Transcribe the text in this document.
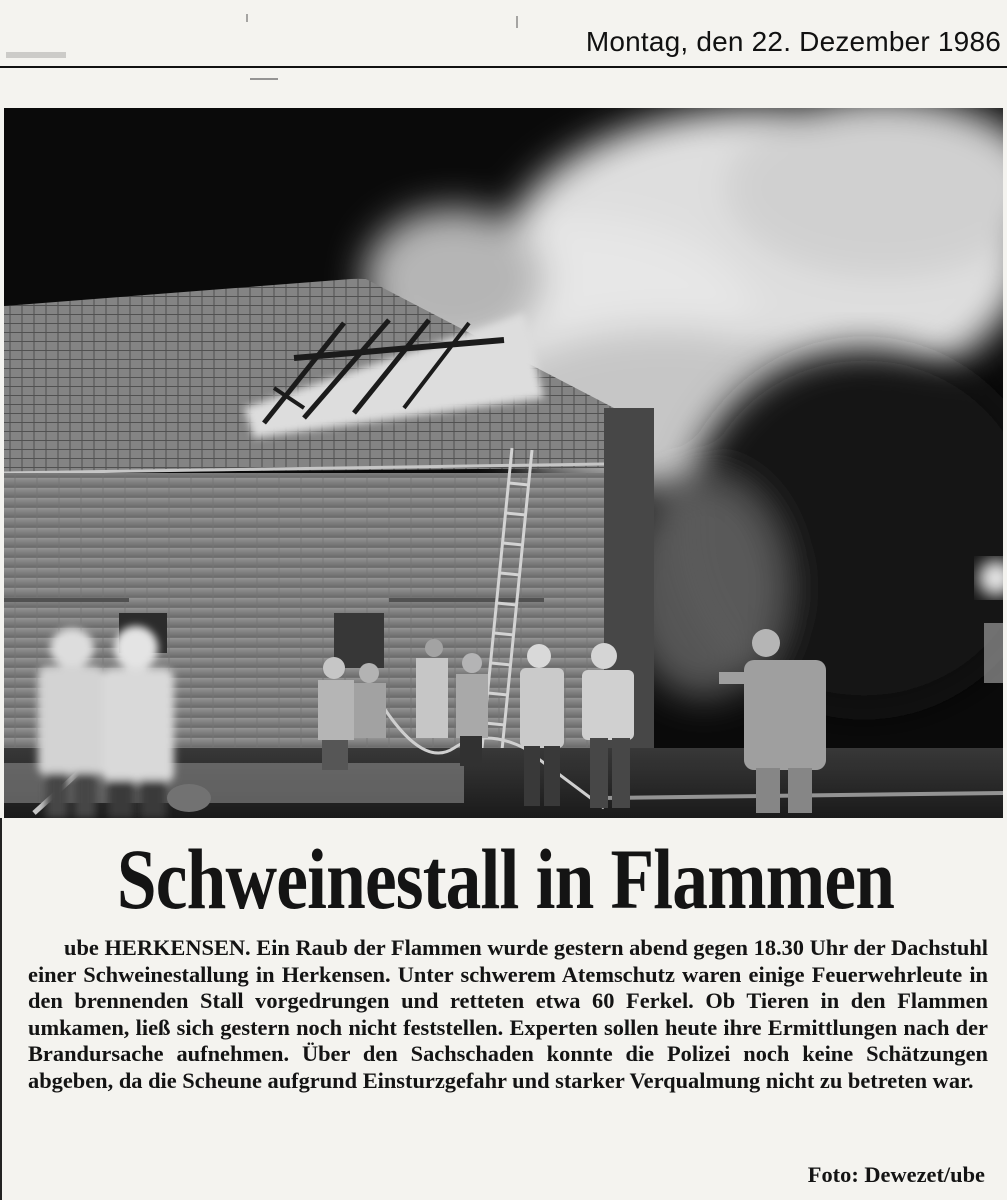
Montag, den 22. Dezember 1986
Schweinestall in Flammen
ube HERKENSEN. Ein Raub der Flammen wurde gestern abend gegen 18.30 Uhr der Dachstuhl einer Schweinestallung in Herkensen. Unter schwerem Atemschutz waren einige Feuerwehrleute in den brennenden Stall vorgedrungen und retteten etwa 60 Ferkel. Ob Tieren in den Flammen umkamen, ließ sich gestern noch nicht feststellen. Experten sollen heute ihre Ermittlungen nach der Brandursache aufnehmen. Über den Sachschaden konnte die Polizei noch keine Schätzungen abgeben, da die Scheune aufgrund Einsturzgefahr und starker Verqualmung nicht zu betreten war.
Foto: Dewezet/ube
